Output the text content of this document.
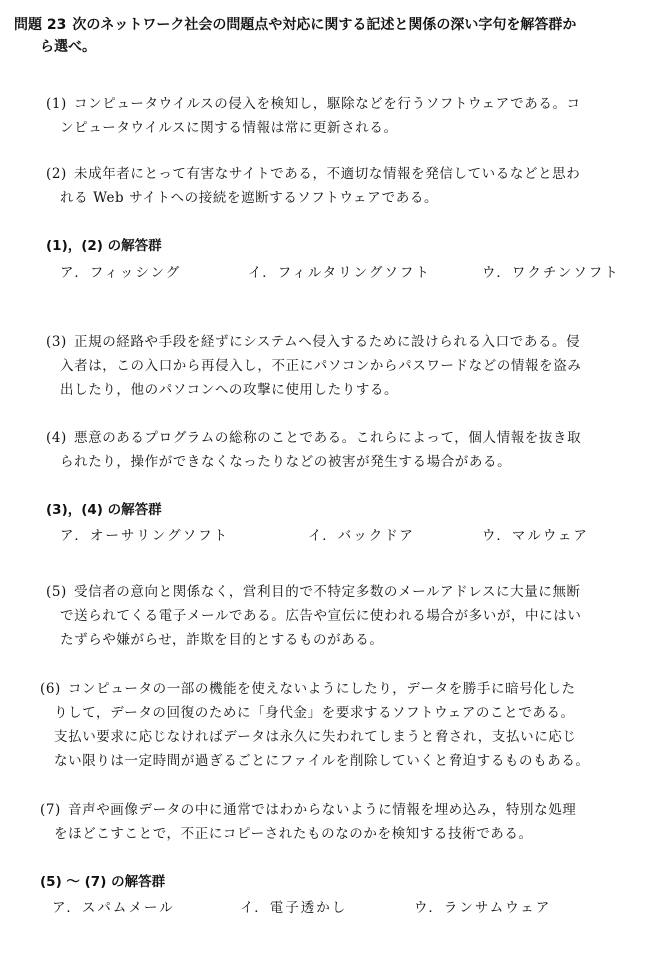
問題 23 次のネットワーク社会の問題点や対応に関する記述と関係の深い字句を解答群か
ら選べ。
(1) コンピュータウイルスの侵入を検知し，駆除などを行うソフトウェアである。コ
ンピュータウイルスに関する情報は常に更新される。
(2) 未成年者にとって有害なサイトである，不適切な情報を発信しているなどと思わ
れる Web サイトへの接続を遮断するソフトウェアである。
(1)，(2) の解答群
ア．フィッシング	イ．フィルタリングソフト	ウ．ワクチンソフト
(3) 正規の経路や手段を経ずにシステムへ侵入するために設けられる入口である。侵
入者は，この入口から再侵入し，不正にパソコンからパスワードなどの情報を盗み
出したり，他のパソコンへの攻撃に使用したりする。
(4) 悪意のあるプログラムの総称のことである。これらによって，個人情報を抜き取
られたり，操作ができなくなったりなどの被害が発生する場合がある。
(3)，(4) の解答群
ア．オーサリングソフト	イ．バックドア	ウ．マルウェア
(5) 受信者の意向と関係なく，営利目的で不特定多数のメールアドレスに大量に無断
で送られてくる電子メールである。広告や宣伝に使われる場合が多いが，中にはい
たずらや嫌がらせ，詐欺を目的とするものがある。
(6) コンピュータの一部の機能を使えないようにしたり，データを勝手に暗号化した
りして，データの回復のために「身代金」を要求するソフトウェアのことである。
支払い要求に応じなければデータは永久に失われてしまうと脅され，支払いに応じ
ない限りは一定時間が過ぎるごとにファイルを削除していくと脅迫するものもある。
(7) 音声や画像データの中に通常ではわからないように情報を埋め込み，特別な処理
をほどこすことで，不正にコピーされたものなのかを検知する技術である。
(5) ～ (7) の解答群
ア．スパムメール	イ．電子透かし	ウ．ランサムウェア
